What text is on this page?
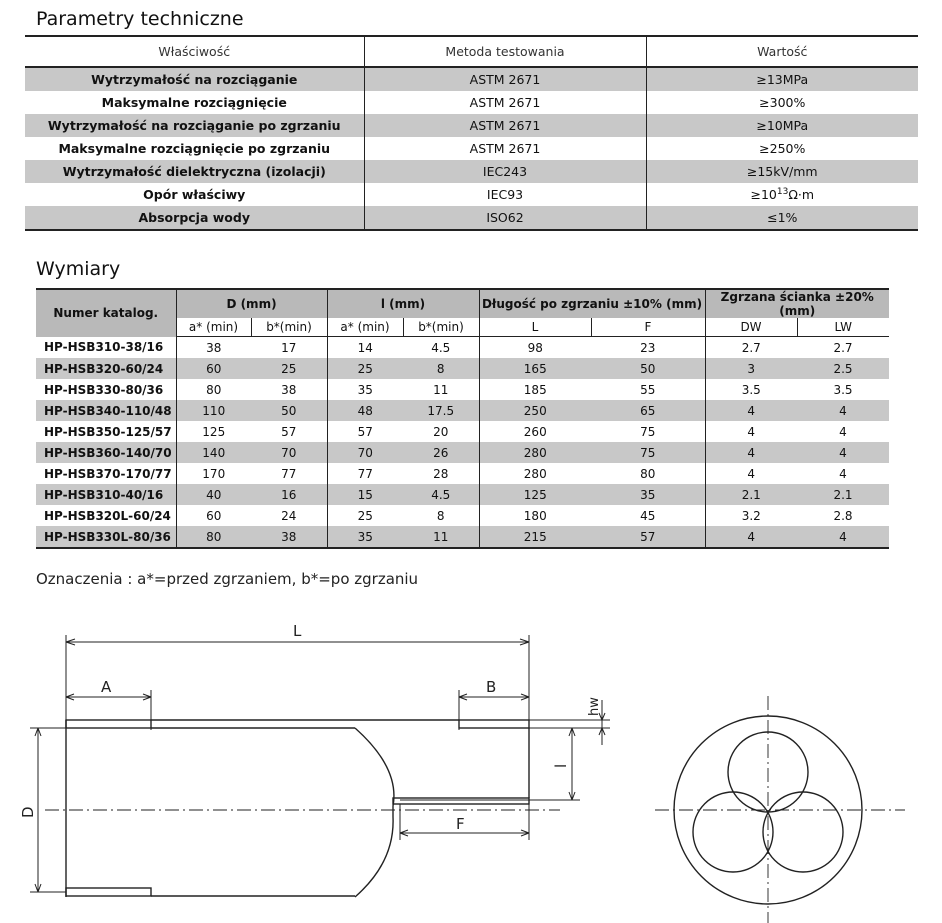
Parametry techniczne
Właściwość	Metoda testowania	Wartość
Wytrzymałość na rozciąganie	ASTM 2671	≥13MPa
Maksymalne rozciągnięcie	ASTM 2671	≥300%
Wytrzymałość na rozciąganie po zgrzaniu	ASTM 2671	≥10MPa
Maksymalne rozciągnięcie po zgrzaniu	ASTM 2671	≥250%
Wytrzymałość dielektryczna (izolacji)	IEC243	≥15kV/mm
Opór właściwy	IEC93	$\ge 10^{13}\Omega\cdot m$
Absorpcja wody	ISO62	≤1%
Wymiary
Numer katalog.	D (mm)		l (mm)		Długość po zgrzaniu ±10% (mm)		Zgrzana ścianka ±20% (mm)	
	a* (min)	b*(min)	a* (min)	b*(min)	L	F	DW	LW
HP-HSB310-38/16	38	17	14	4.5	98	23	2.7	2.7
HP-HSB320-60/24	60	25	25	8	165	50	3	2.5
HP-HSB330-80/36	80	38	35	11	185	55	3.5	3.5
HP-HSB340-110/48	110	50	48	17.5	250	65	4	4
HP-HSB350-125/57	125	57	57	20	260	75	4	4
HP-HSB360-140/70	140	70	70	26	280	75	4	4
HP-HSB370-170/77	170	77	77	28	280	80	4	4
HP-HSB310-40/16	40	16	15	4.5	125	35	2.1	2.1
HP-HSB320L-60/24	60	24	25	8	180	45	3.2	2.8
HP-HSB330L-80/36	80	38	35	11	215	57	4	4
Oznaczenia : a*=przed zgrzaniem, b*=po zgrzaniu
L
A	B
hw
l
F
D
